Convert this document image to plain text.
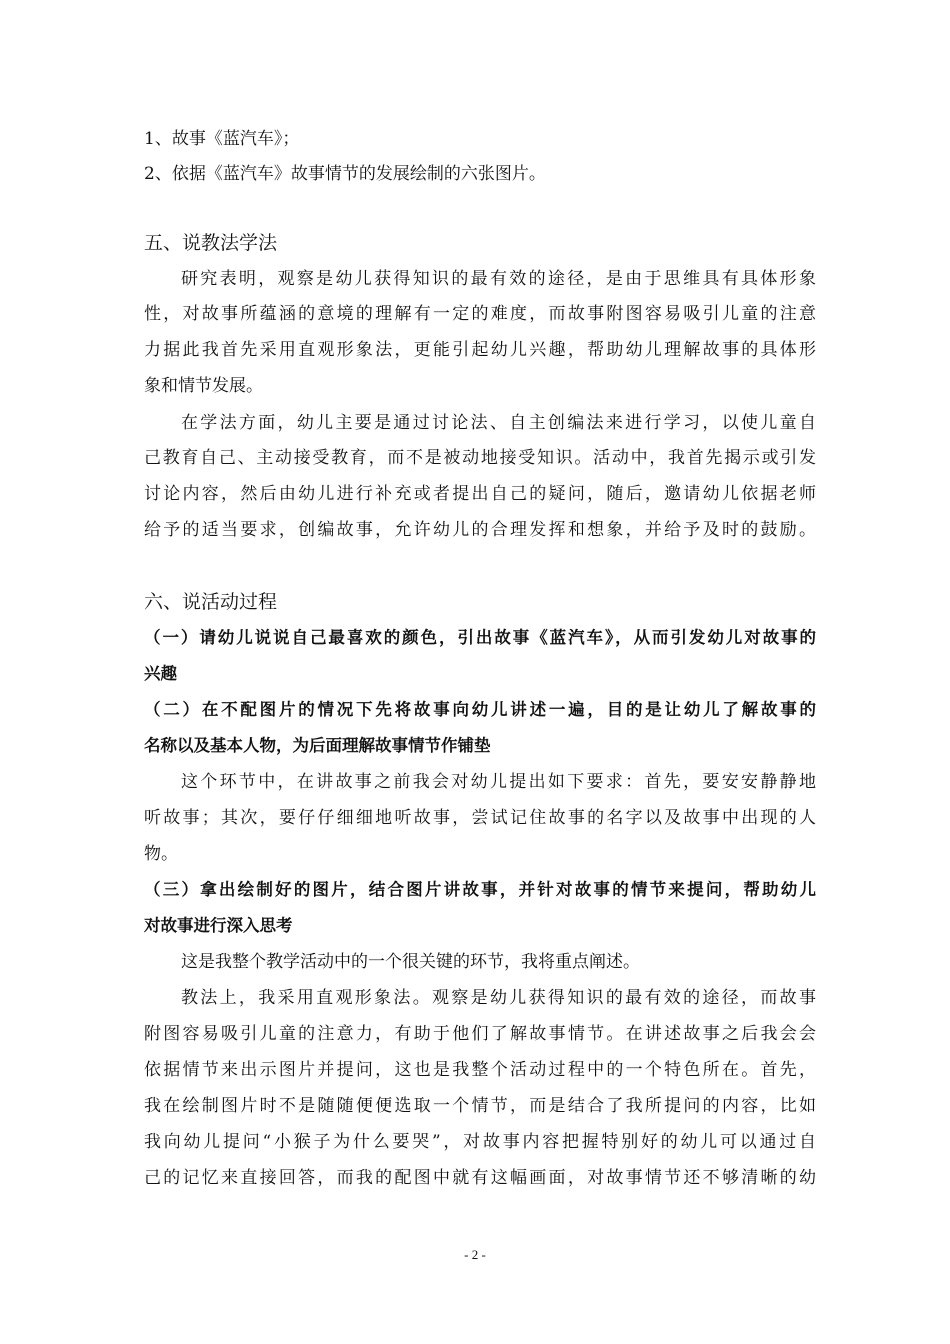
1、故事《蓝汽车》；
2、依据《蓝汽车》故事情节的发展绘制的六张图片。
五、说教法学法
研究表明，观察是幼儿获得知识的最有效的途径，是由于思维具有具体形象
性，对故事所蕴涵的意境的理解有一定的难度，而故事附图容易吸引儿童的注意
力据此我首先采用直观形象法，更能引起幼儿兴趣，帮助幼儿理解故事的具体形
象和情节发展。
在学法方面，幼儿主要是通过讨论法、自主创编法来进行学习，以使儿童自
己教育自己、主动接受教育，而不是被动地接受知识。活动中，我首先揭示或引发
讨论内容，然后由幼儿进行补充或者提出自己的疑问，随后，邀请幼儿依据老师
给予的适当要求，创编故事，允许幼儿的合理发挥和想象，并给予及时的鼓励。
六、说活动过程
（一）请幼儿说说自己最喜欢的颜色，引出故事《蓝汽车》，从而引发幼儿对故事的
兴趣
（二）在不配图片的情况下先将故事向幼儿讲述一遍，目的是让幼儿了解故事的
名称以及基本人物，为后面理解故事情节作铺垫
这个环节中，在讲故事之前我会对幼儿提出如下要求：首先，要安安静静地
听故事；其次，要仔仔细细地听故事，尝试记住故事的名字以及故事中出现的人
物。
（三）拿出绘制好的图片，结合图片讲故事，并针对故事的情节来提问，帮助幼儿
对故事进行深入思考
这是我整个教学活动中的一个很关键的环节，我将重点阐述。
教法上，我采用直观形象法。观察是幼儿获得知识的最有效的途径，而故事
附图容易吸引儿童的注意力，有助于他们了解故事情节。在讲述故事之后我会会
依据情节来出示图片并提问，这也是我整个活动过程中的一个特色所在。首先，
我在绘制图片时不是随随便便选取一个情节，而是结合了我所提问的内容，比如
我向幼儿提问“小猴子为什么要哭”，对故事内容把握特别好的幼儿可以通过自
己的记忆来直接回答，而我的配图中就有这幅画面，对故事情节还不够清晰的幼
- 2 -
